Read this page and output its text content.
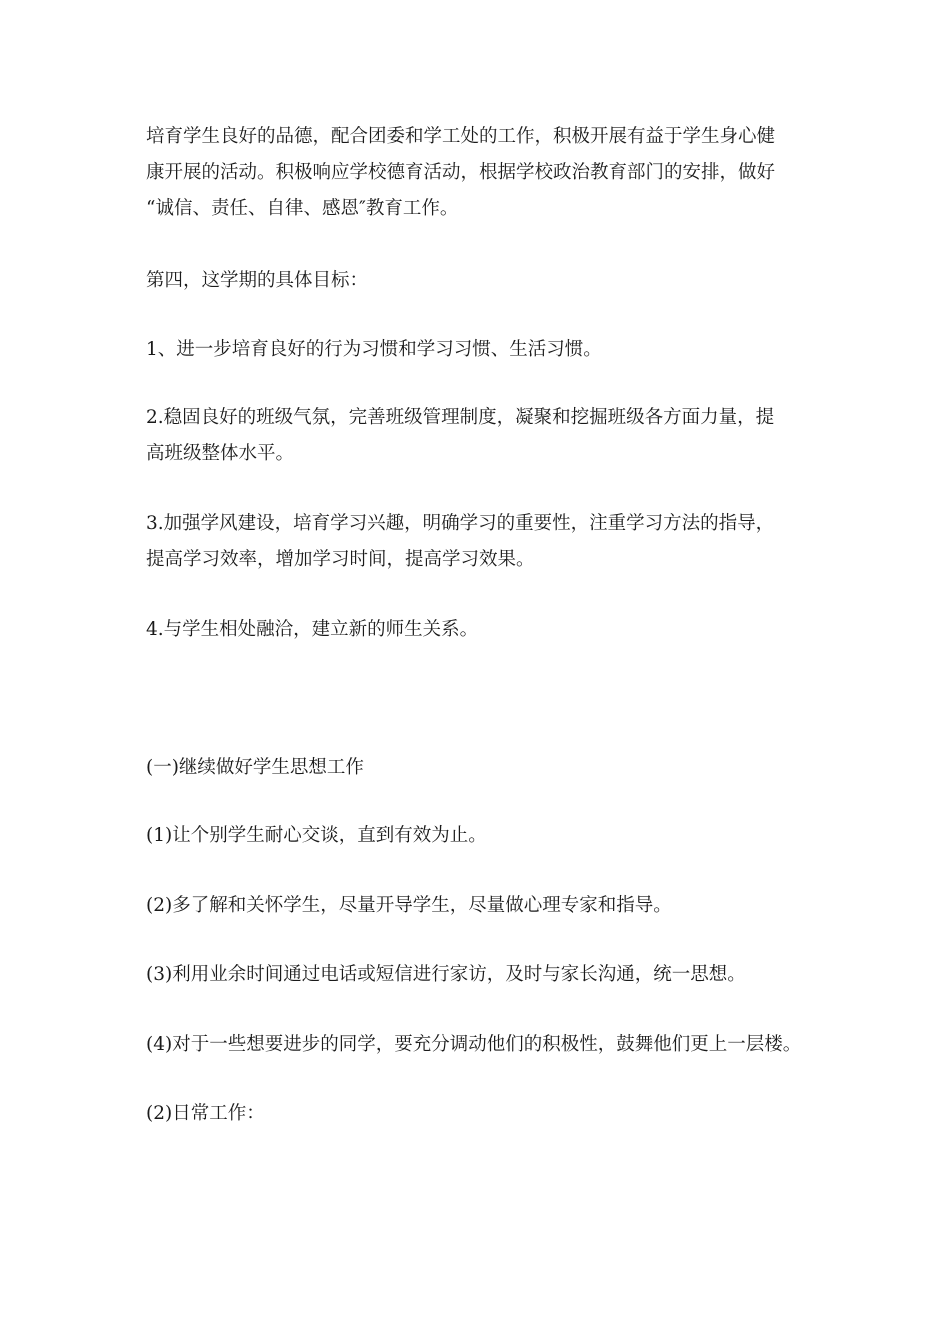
培育学生良好的品德，配合团委和学工处的工作，积极开展有益于学生身心健
康开展的活动。积极响应学校德育活动，根据学校政治教育部门的安排，做好
“诚信、责任、自律、感恩″教育工作。
第四，这学期的具体目标：
1、进一步培育良好的行为习惯和学习习惯、生活习惯。
2.稳固良好的班级气氛，完善班级管理制度，凝聚和挖掘班级各方面力量，提
高班级整体水平。
3.加强学风建设，培育学习兴趣，明确学习的重要性，注重学习方法的指导，
提高学习效率，增加学习时间，提高学习效果。
4.与学生相处融洽，建立新的师生关系。
(一)继续做好学生思想工作
(1)让个别学生耐心交谈，直到有效为止。
(2)多了解和关怀学生，尽量开导学生，尽量做心理专家和指导。
(3)利用业余时间通过电话或短信进行家访，及时与家长沟通，统一思想。
(4)对于一些想要进步的同学，要充分调动他们的积极性，鼓舞他们更上一层楼。
(2)日常工作：
